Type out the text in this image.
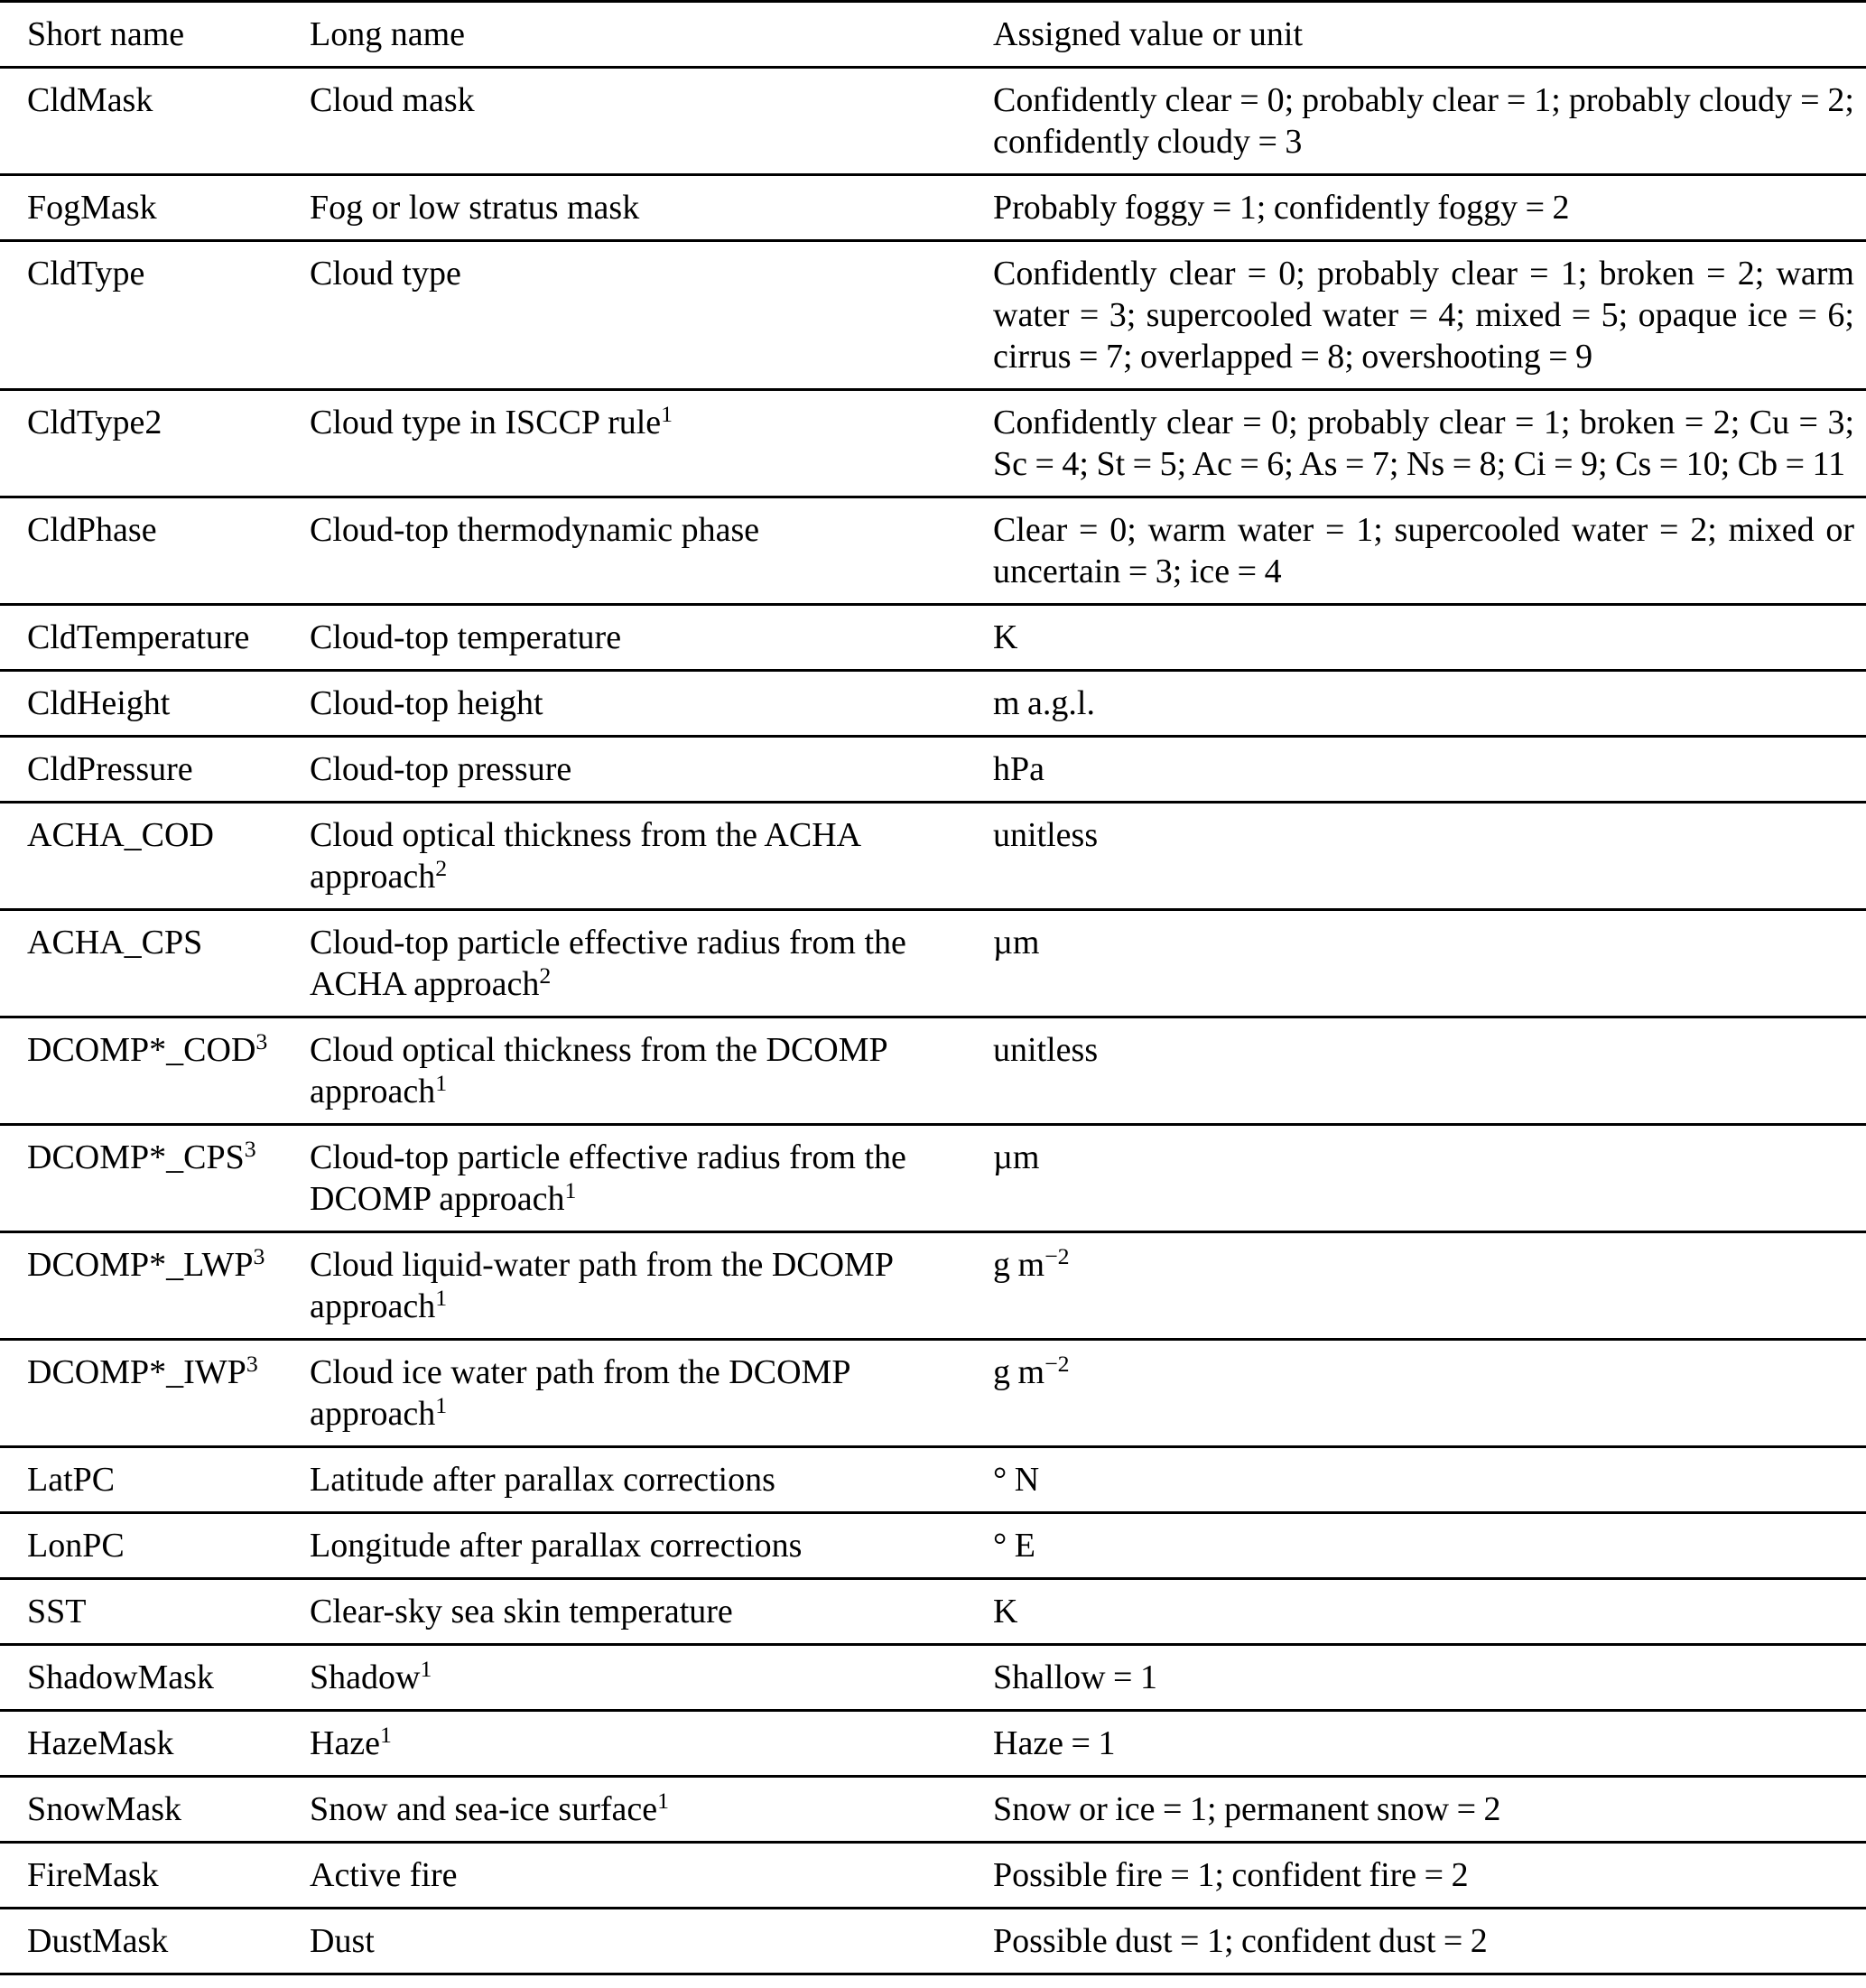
Short name	Long name	Assigned value or unit
CldMask	Cloud mask	Confidently clear = 0; probably clear = 1; probably cloudy = 2; confidently cloudy = 3
FogMask	Fog or low stratus mask	Probably foggy = 1; confidently foggy = 2
CldType	Cloud type	Confidently clear = 0; probably clear = 1; broken = 2; warm water = 3; supercooled water = 4; mixed = 5; opaque ice = 6; cirrus = 7; overlapped = 8; overshooting = 9
CldType2	Cloud type in ISCCP rule$^1$	Confidently clear = 0; probably clear = 1; broken = 2; Cu = 3; Sc = 4; St = 5; Ac = 6; As = 7; Ns = 8; Ci = 9; Cs = 10; Cb = 11
CldPhase	Cloud-top thermodynamic phase	Clear = 0; warm water = 1; supercooled water = 2; mixed or uncertain = 3; ice = 4
CldTemperature	Cloud-top temperature	K
CldHeight	Cloud-top height	m a.g.l.
CldPressure	Cloud-top pressure	hPa
ACHA_COD	Cloud optical thickness from the ACHA approach$^2$	unitless
ACHA_CPS	Cloud-top particle effective radius from the ACHA approach$^2$	µm
DCOMP*_COD$^3$	Cloud optical thickness from the DCOMP approach$^1$	unitless
DCOMP*_CPS$^3$	Cloud-top particle effective radius from the DCOMP approach$^1$	µm
DCOMP*_LWP$^3$	Cloud liquid-water path from the DCOMP approach$^1$	g $m^{-2}$
DCOMP*_IWP$^3$	Cloud ice water path from the DCOMP approach$^1$	g $m^{-2}$
LatPC	Latitude after parallax corrections	° N
LonPC	Longitude after parallax corrections	° E
SST	Clear-sky sea skin temperature	K
ShadowMask	Shadow$^1$	Shallow = 1
HazeMask	Haze$^1$	Haze = 1
SnowMask	Snow and sea-ice surface$^1$	Snow or ice = 1; permanent snow = 2
FireMask	Active fire	Possible fire = 1; confident fire = 2
DustMask	Dust	Possible dust = 1; confident dust = 2
